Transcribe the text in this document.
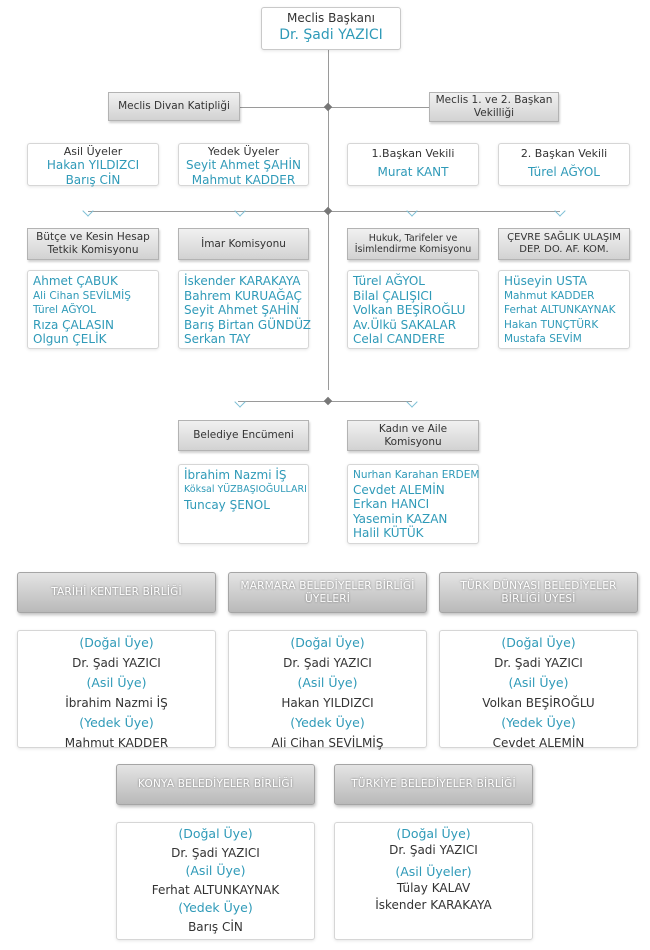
Meclis Başkanı
Dr. Şadi YAZICI
Meclis Divan Katipliği	Meclis 1. ve 2. Başkan Vekilliği
Asil Üyeler
Hakan YILDIZCI
Barış CİN
Yedek Üyeler
Seyit Ahmet ŞAHİN
Mahmut KADDER
1.Başkan Vekili
Murat KANT
2. Başkan Vekili
Türel AĞYOL
Bütçe ve Kesin Hesap Tetkik Komisyonu
İmar Komisyonu	Hukuk, Tarifeler ve İsimlendirme Komisyonu
ÇEVRE SAĞLIK ULAŞIM DEP. DO. AF. KOM.
Ahmet ÇABUK
Ali Cihan SEVİLMİŞ
Türel AĞYOL
Rıza ÇALASIN
Olgun ÇELİK
İskender KARAKAYA
Bahrem KURUAĞAÇ
Seyit Ahmet ŞAHİN
Barış Birtan GÜNDÜZ
Serkan TAY
Türel AĞYOL
Bilal ÇALIŞICI
Volkan BEŞİROĞLU
Av.Ülkü SAKALAR
Celal CANDERE
Hüseyin USTA
Mahmut KADDER
Ferhat ALTUNKAYNAK
Hakan TUNÇTÜRK
Mustafa SEVİM
Belediye Encümeni
Kadın ve Aile Komisyonu
İbrahim Nazmi İŞ
Köksal YÜZBAŞIOĞULLARI
Tuncay ŞENOL
Nurhan Karahan ERDEM
Cevdet ALEMİN
Erkan HANCI
Yasemin KAZAN
Halil KÜTÜK
TARİHİ KENTLER BİRLİĞİ
MARMARA BELEDİYELER BİRLİĞİ ÜYELERİ
TÜRK DÜNYASI BELEDİYELER BİRLİĞİ ÜYESİ
(Doğal Üye)
Dr. Şadi YAZICI
(Asil Üye)
İbrahim Nazmi İŞ
(Yedek Üye)
Mahmut KADDER
(Doğal Üye)
Dr. Şadi YAZICI
(Asil Üye)
Hakan YILDIZCI
(Yedek Üye)
Ali Cihan SEVİLMİŞ
(Doğal Üye)
Dr. Şadi YAZICI
(Asil Üye)
Volkan BEŞİROĞLU
(Yedek Üye)
Cevdet ALEMİN
KONYA BELEDİYELER BİRLİĞİ	TÜRKİYE BELEDİYELER BİRLİĞİ
(Doğal Üye)
Dr. Şadi YAZICI
(Asil Üye)
Ferhat ALTUNKAYNAK
(Yedek Üye)
Barış CİN
(Doğal Üye)
Dr. Şadi YAZICI
(Asil Üyeler)
Tülay KALAV
İskender KARAKAYA
